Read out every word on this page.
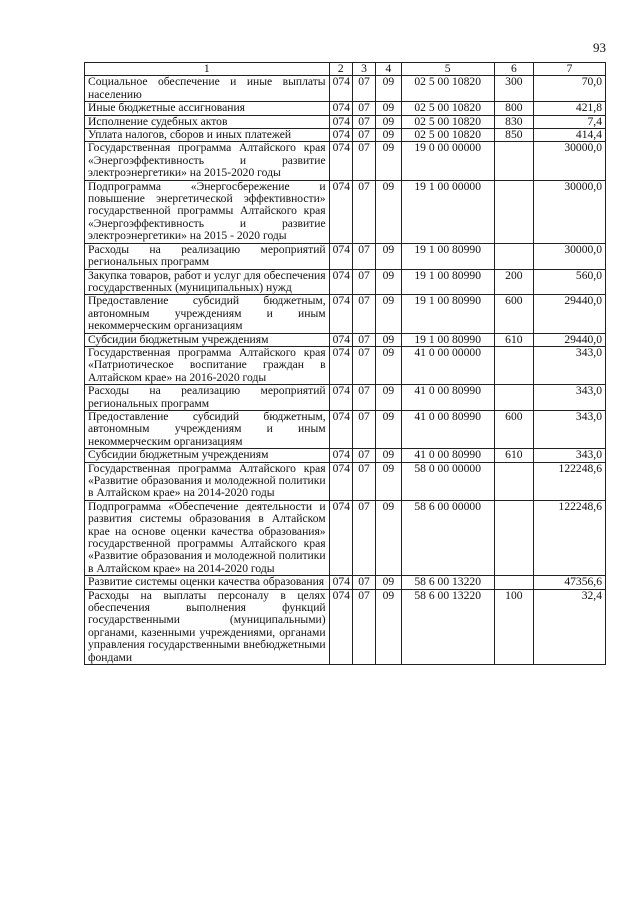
93
1	2	3	4	5	6	7
Социальное обеспечение и иные выплаты населению	074	07	09	02 5 00 10820	300	70,0
Иные бюджетные ассигнования	074	07	09	02 5 00 10820	800	421,8
Исполнение судебных актов	074	07	09	02 5 00 10820	830	7,4
Уплата налогов, сборов и иных платежей	074	07	09	02 5 00 10820	850	414,4
Государственная программа Алтайского края «Энергоэффективность и развитие электроэнергетики» на 2015-2020 годы	074	07	09	19 0 00 00000		30000,0
Подпрограмма «Энергосбережение и повышение энергетической эффективности» государственной программы Алтайского края «Энергоэффективность и развитие электроэнергетики» на 2015 - 2020 годы	074	07	09	19 1 00 00000		30000,0
Расходы на реализацию мероприятий региональных программ	074	07	09	19 1 00 80990		30000,0
Закупка товаров, работ и услуг для обеспечения государственных (муниципальных) нужд	074	07	09	19 1 00 80990	200	560,0
Предоставление субсидий бюджетным, автономным учреждениям и иным некоммерческим организациям	074	07	09	19 1 00 80990	600	29440,0
Субсидии бюджетным учреждениям	074	07	09	19 1 00 80990	610	29440,0
Государственная программа Алтайского края «Патриотическое воспитание граждан в Алтайском крае» на 2016-2020 годы	074	07	09	41 0 00 00000		343,0
Расходы на реализацию мероприятий региональных программ	074	07	09	41 0 00 80990		343,0
Предоставление субсидий бюджетным, автономным учреждениям и иным некоммерческим организациям	074	07	09	41 0 00 80990	600	343,0
Субсидии бюджетным учреждениям	074	07	09	41 0 00 80990	610	343,0
Государственная программа Алтайского края «Развитие образования и молодежной политики в Алтайском крае» на 2014-2020 годы	074	07	09	58 0 00 00000		122248,6
Подпрограмма «Обеспечение деятельности и развития системы образования в Алтайском крае на основе оценки качества образования» государственной программы Алтайского края «Развитие образования и молодежной политики в Алтайском крае» на 2014-2020 годы	074	07	09	58 6 00 00000		122248,6
Развитие системы оценки качества образования	074	07	09	58 6 00 13220		47356,6
Расходы на выплаты персоналу в целях обеспечения выполнения функций государственными (муниципальными) органами, казенными учреждениями, органами управления государственными внебюджетными фондами	074	07	09	58 6 00 13220	100	32,4
